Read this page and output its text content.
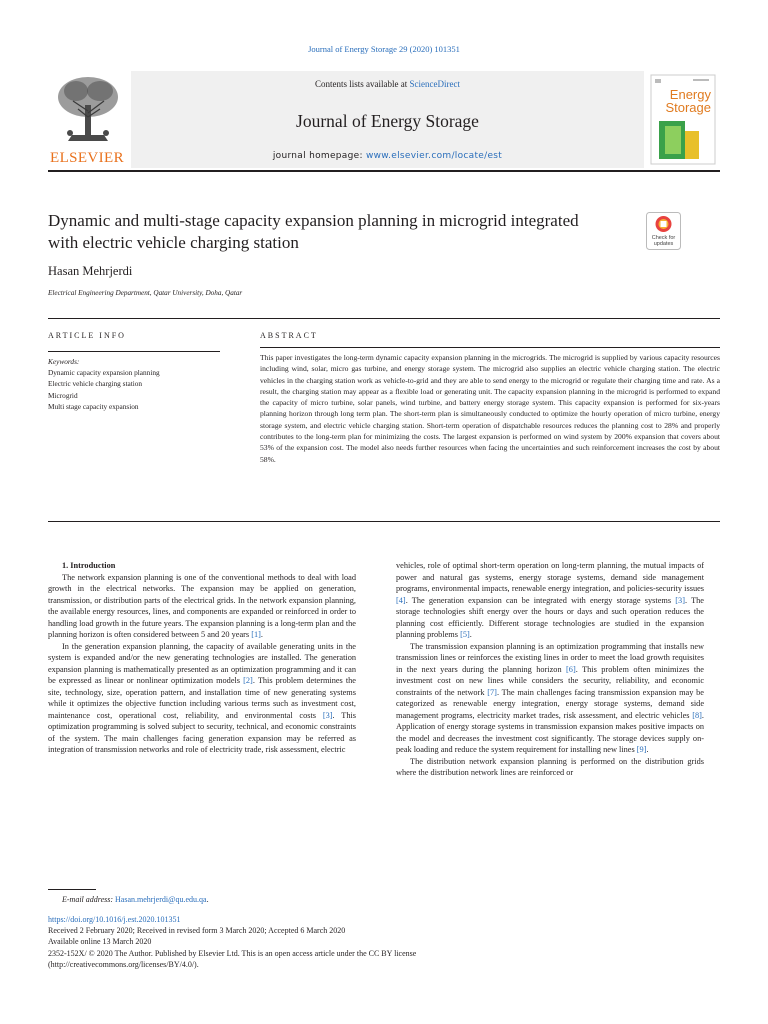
Journal of Energy Storage 29 (2020) 101351
ELSEVIER
Contents lists available at ScienceDirect
Journal of Energy Storage
journal homepage: www.elsevier.com/locate/est
Energy
Storage
Dynamic and multi-stage capacity expansion planning in microgrid integrated with electric vehicle charging station	Check for
updates
Hasan Mehrjerdi
Electrical Engineering Department, Qatar University, Doha, Qatar
ARTICLE INFO	ABSTRACT
Keywords:
Dynamic capacity expansion planning
Electric vehicle charging station
Microgrid
Multi stage capacity expansion
This paper investigates the long-term dynamic capacity expansion planning in the microgrids. The microgrid is supplied by various capacity resources including wind, solar, micro gas turbine, and energy storage system. The microgrid also supplies an electric vehicle charging station. The electric vehicles in the charging station work as vehicle-to-grid and they are able to send energy to the microgrid or regulate their charging time and rate. As a result, the charging station may appear as a flexible load or generating unit. The capacity expansion planning in the microgrid is performed to expand the capacity of micro turbine, solar panels, wind turbine, and battery energy storage system. This capacity expansion is performed for six-years planning horizon through long term plan. The short-term plan is simultaneously conducted to optimize the hourly operation of micro turbine, energy storage system, and electric vehicle charging station. Short-term operation of dispatchable resources reduces the planning cost to 28% and properly contributes to the long-term plan for minimizing the costs. The largest expansion is performed on wind system by 200% expansion that covers about 53% of the expansion cost. The model also needs further resources when facing the uncertainties and such reinforcement increases the cost by about 58%.

1. Introduction

The network expansion planning is one of the conventional methods to deal with load growth in the electrical networks. The expansion may be applied on generation, transmission, or distribution parts of the electrical grids. In the network expansion planning, the available energy resources, lines, and components are expanded or reinforced in order to handling load growth in the future years. The expansion planning is a long-term plan and the planning horizon is often considered between 5 and 20 years [1].

In the generation expansion planning, the capacity of available generating units in the system is expanded and/or the new generating technologies are installed. The generation expansion planning is mathematically presented as an optimization programming and it can be expressed as linear or nonlinear optimization models [2]. This problem determines the site, technology, size, operation pattern, and installation time of new generating systems while it optimizes the objective function including various terms such as investment cost, maintenance cost, operational cost, reliability, and environmental costs [3]. This optimization programming is solved subject to security, technical, and economic constraints of the system. The main challenges facing generation expansion may be referred as integration of transmission networks and role of electricity trade, risk assessment, electric

vehicles, role of optimal short-term operation on long-term planning, the mutual impacts of power and natural gas systems, energy storage systems, demand side management programs, environmental impacts, renewable energy integration, and policies-security issues [4]. The generation expansion can be integrated with energy storage systems [3]. The storage technologies shift energy over the hours or days and such operation reduces the planning cost efficiently. Different storage technologies are studied in the expansion planning problems [5].

The transmission expansion planning is an optimization programming that installs new transmission lines or reinforces the existing lines in order to meet the load growth requisites in the next years during the planning horizon [6]. This problem often minimizes the investment cost on new lines while considers the security, reliability, and economic constraints of the network [7]. The main challenges facing transmission expansion may be categorized as renewable energy integration, energy storage systems, demand side management programs, electricity market trades, risk assessment, and electric vehicles [8]. Application of energy storage systems in transmission expansion makes positive impacts on the model and decreases the investment cost significantly. The storage devices supply on-peak loading and reduce the system requirement for installing new lines [9].

The distribution network expansion planning is performed on the distribution grids where the distribution network lines are reinforced or

E-mail address: Hasan.mehrjerdi@qu.edu.qa.
https://doi.org/10.1016/j.est.2020.101351
Received 2 February 2020; Received in revised form 3 March 2020; Accepted 6 March 2020
Available online 13 March 2020
2352-152X/ © 2020 The Author. Published by Elsevier Ltd. This is an open access article under the CC BY license
(http://creativecommons.org/licenses/BY/4.0/).
